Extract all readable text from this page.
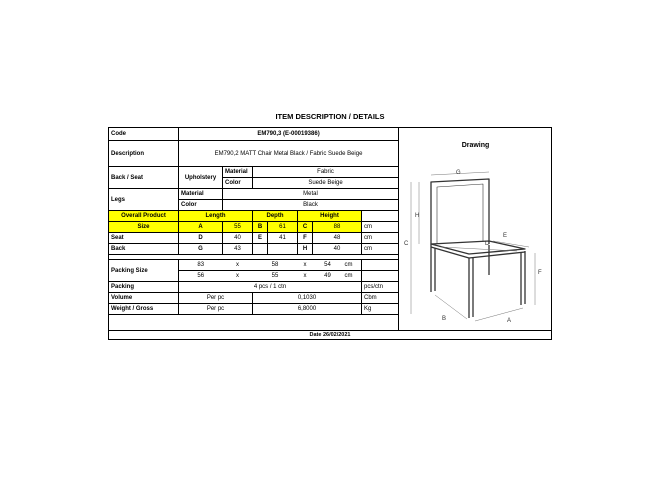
ITEM DESCRIPTION / DETAILS
Code	EM790,3 (E-00019386)							
Description	EM790,2 MATT Chair Metal Black / Fabric Suede Beige							
Back / Seat	Upholstery	Material	Fabric					
		Color	Suede Beige					
Legs	Material	Metal						
	Color	Black						
Overall Product	Length		Depth		Height			
Size	A	55	B	61	C	88		cm
Seat	D	40	E	41	F	48		cm
Back	G	43			H	40		cm

Packing Size	83	x	58		x	54	cm	
	56	x	55		x	49	cm	
Packing	4 pcs / 1 ctn							pcs/ctn
Volume	Per pc		0,1030					Cbm
Weight / Gross	Per pc		6,8000					Kg
Drawing
G
H
C
E
D
F
B	A
Date 26/02/2021
